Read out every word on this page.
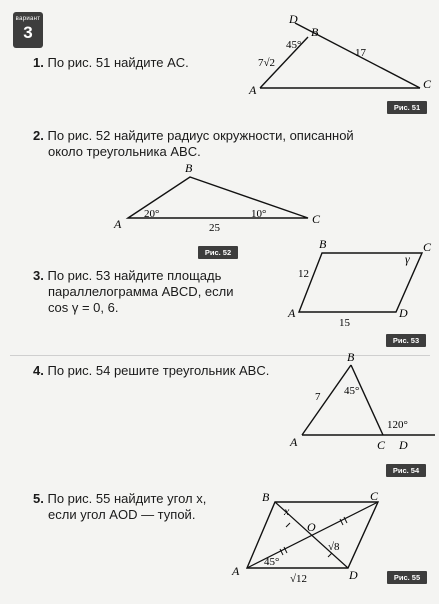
вариант
3
1. По рис. 51 найдите AC.
D
B
A	C
45°
7√2
17
Рис. 51
2. По рис. 52 найдите радиус окружности, описанной
около треугольника ABC.
B
A	C
20°	10°
25
Рис. 52
3. По рис. 53 найдите площадь
параллелограмма ABCD, если
cos γ = 0, 6.
B	C
A	D
γ
12
15
Рис. 53
4. По рис. 54 решите треугольник ABC.
B
A	C D
45°
7
120°
Рис. 54
5. По рис. 55 найдите угол x,
если угол AOD — тупой.
B	C
A	D
O
x
45°
√8
√12	Рис. 55
